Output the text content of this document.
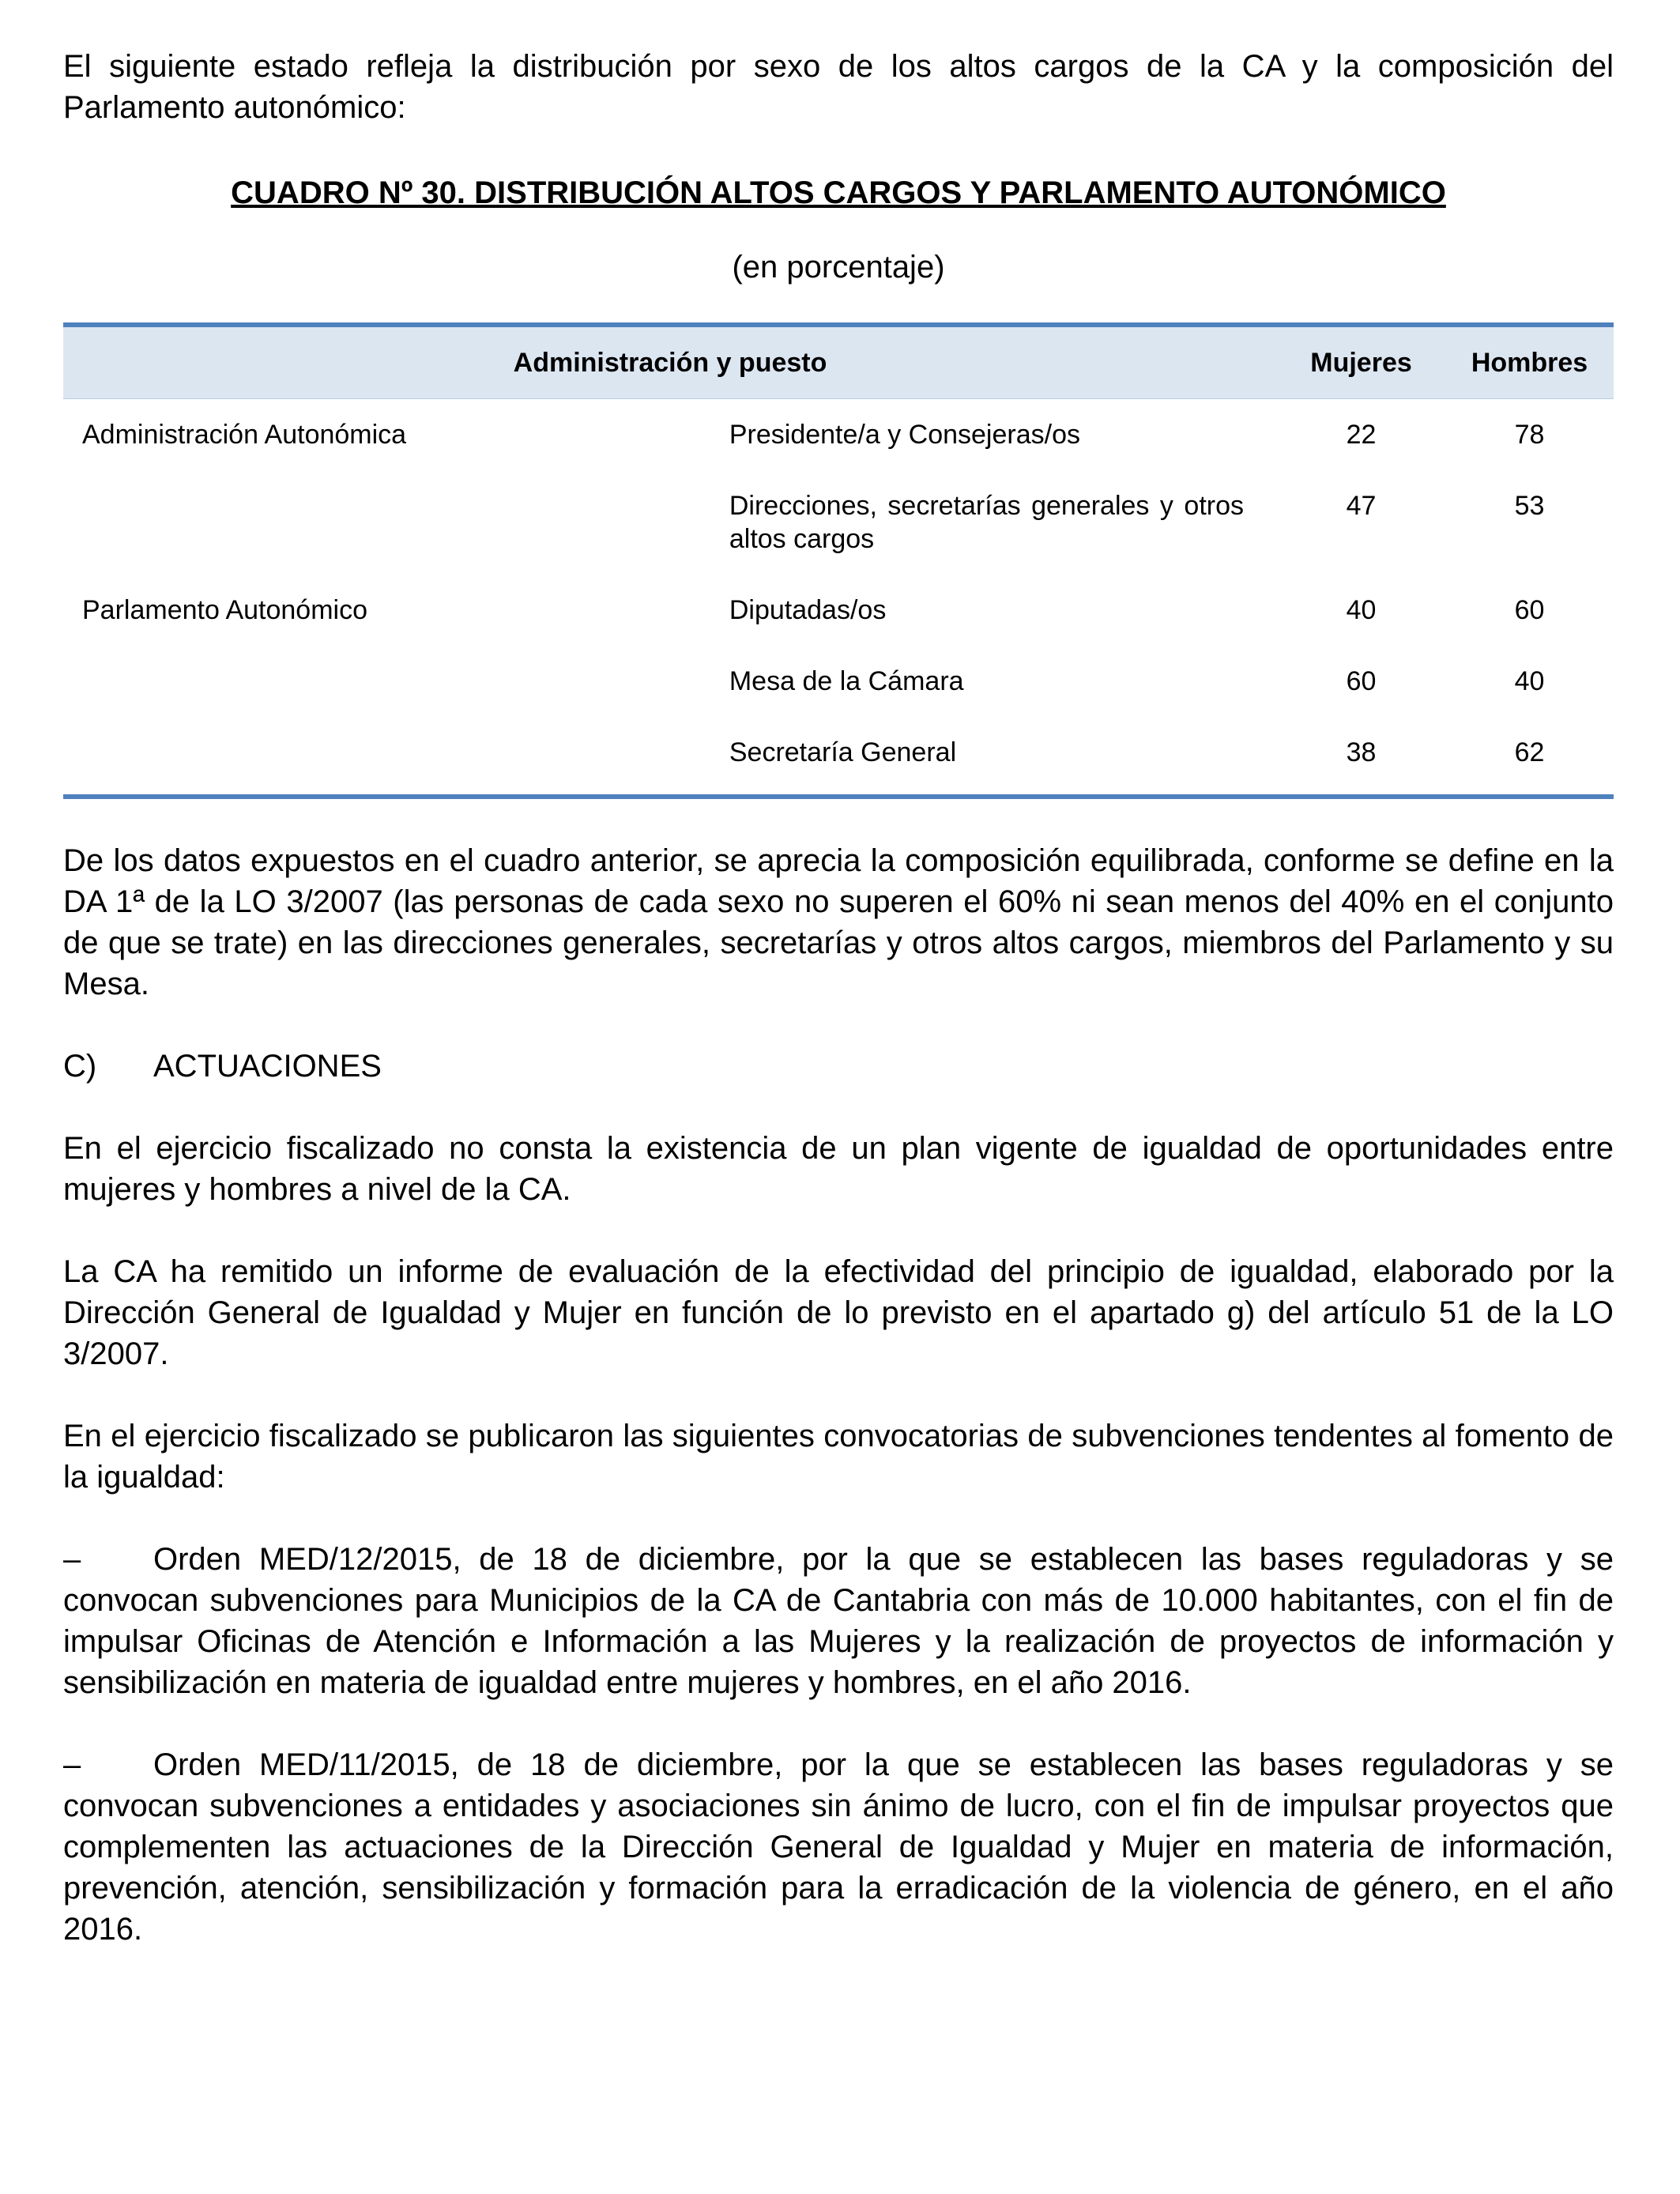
El siguiente estado refleja la distribución por sexo de los altos cargos de la CA y la composición del Parlamento autonómico:

CUADRO Nº 30. DISTRIBUCIÓN ALTOS CARGOS Y PARLAMENTO AUTONÓMICO

(en porcentaje)

Administración y puesto		Mujeres	Hombres
Administración Autonómica	Presidente/a y Consejeras/os	22	78
	Direcciones, secretarías generales y otros altos cargos	47	53
Parlamento Autonómico	Diputadas/os	40	60
	Mesa de la Cámara	60	40
	Secretaría General	38	62

De los datos expuestos en el cuadro anterior, se aprecia la composición equilibrada, conforme se define en la DA 1ª de la LO 3/2007 (las personas de cada sexo no superen el 60% ni sean menos del 40% en el conjunto de que se trate) en las direcciones generales, secretarías y otros altos cargos, miembros del Parlamento y su Mesa.

C)	ACTUACIONES

En el ejercicio fiscalizado no consta la existencia de un plan vigente de igualdad de oportunidades entre mujeres y hombres a nivel de la CA.

La CA ha remitido un informe de evaluación de la efectividad del principio de igualdad, elaborado por la Dirección General de Igualdad y Mujer en función de lo previsto en el apartado g) del artículo 51 de la LO 3/2007.

En el ejercicio fiscalizado se publicaron las siguientes convocatorias de subvenciones tendentes al fomento de la igualdad:

– Orden MED/12/2015, de 18 de diciembre, por la que se establecen las bases reguladoras y se convocan subvenciones para Municipios de la CA de Cantabria con más de 10.000 habitantes, con el fin de impulsar Oficinas de Atención e Información a las Mujeres y la realización de proyectos de información y sensibilización en materia de igualdad entre mujeres y hombres, en el año 2016.

– Orden MED/11/2015, de 18 de diciembre, por la que se establecen las bases reguladoras y se convocan subvenciones a entidades y asociaciones sin ánimo de lucro, con el fin de impulsar proyectos que complementen las actuaciones de la Dirección General de Igualdad y Mujer en materia de información, prevención, atención, sensibilización y formación para la erradicación de la violencia de género, en el año 2016.
